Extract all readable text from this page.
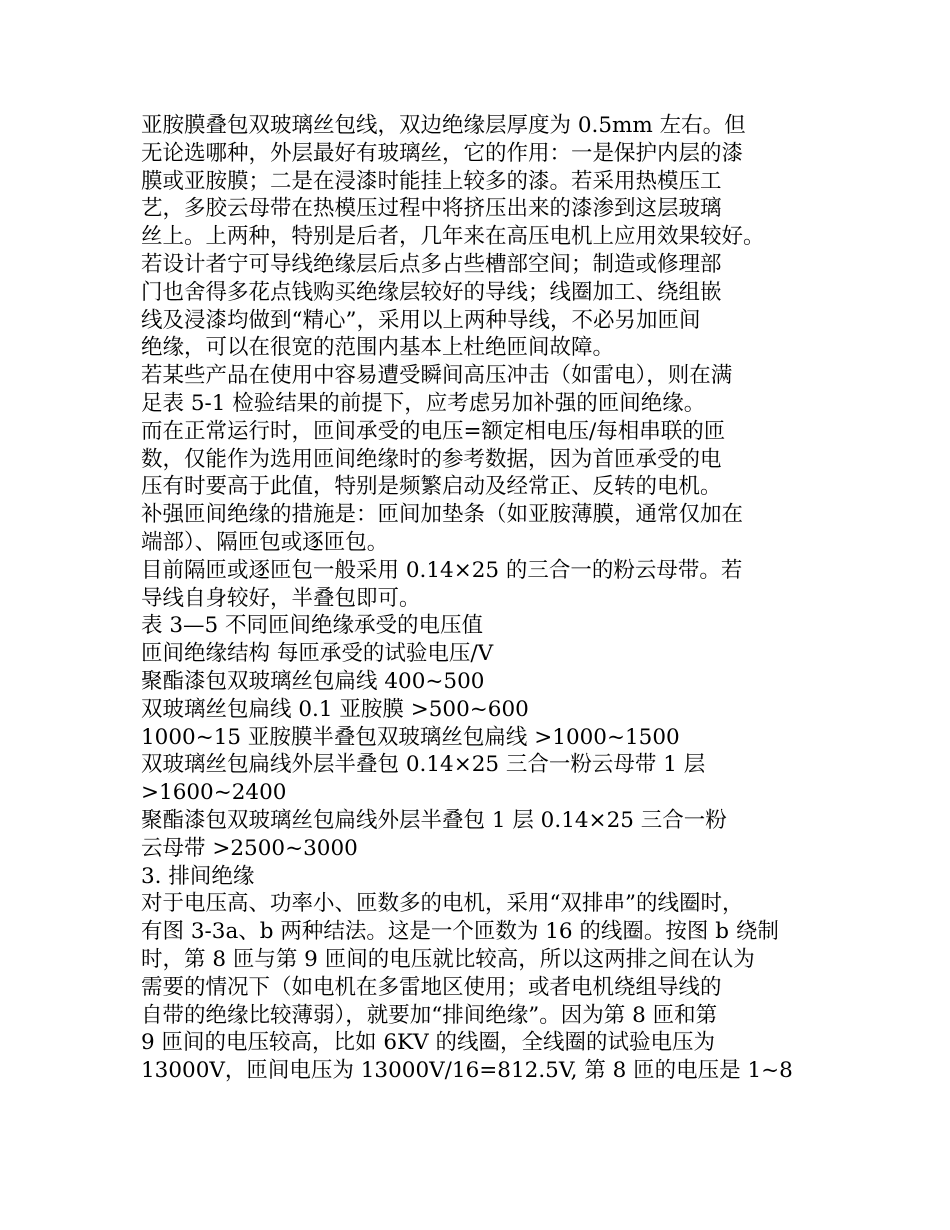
亚胺膜叠包双玻璃丝包线，双边绝缘层厚度为 0.5mm 左右。但
无论选哪种，外层最好有玻璃丝，它的作用：一是保护内层的漆
膜或亚胺膜；二是在浸漆时能挂上较多的漆。若采用热模压工
艺，多胶云母带在热模压过程中将挤压出来的漆渗到这层玻璃
丝上。上两种，特别是后者，几年来在高压电机上应用效果较好。
若设计者宁可导线绝缘层后点多占些槽部空间；制造或修理部
门也舍得多花点钱购买绝缘层较好的导线；线圈加工、绕组嵌
线及浸漆均做到“精心”，采用以上两种导线，不必另加匝间
绝缘，可以在很宽的范围内基本上杜绝匝间故障。
若某些产品在使用中容易遭受瞬间高压冲击（如雷电），则在满
足表 5-1 检验结果的前提下，应考虑另加补强的匝间绝缘。
而在正常运行时，匝间承受的电压=额定相电压/每相串联的匝
数，仅能作为选用匝间绝缘时的参考数据，因为首匝承受的电
压有时要高于此值，特别是频繁启动及经常正、反转的电机。
补强匝间绝缘的措施是：匝间加垫条（如亚胺薄膜，通常仅加在
端部）、隔匝包或逐匝包。
目前隔匝或逐匝包一般采用 0.14×25 的三合一的粉云母带。若
导线自身较好，半叠包即可。
表 3—5 不同匝间绝缘承受的电压值
匝间绝缘结构 每匝承受的试验电压/V
聚酯漆包双玻璃丝包扁线 400~500
双玻璃丝包扁线 0.1 亚胺膜 >500~600
1000~15 亚胺膜半叠包双玻璃丝包扁线 >1000~1500
双玻璃丝包扁线外层半叠包 0.14×25 三合一粉云母带 1 层
>1600~2400
聚酯漆包双玻璃丝包扁线外层半叠包 1 层 0.14×25 三合一粉
云母带 >2500~3000
3. 排间绝缘
对于电压高、功率小、匝数多的电机，采用“双排串”的线圈时，
有图 3-3a、b 两种结法。这是一个匝数为 16 的线圈。按图 b 绕制
时，第 8 匝与第 9 匝间的电压就比较高，所以这两排之间在认为
需要的情况下（如电机在多雷地区使用；或者电机绕组导线的
自带的绝缘比较薄弱），就要加“排间绝缘”。因为第 8 匝和第
9 匝间的电压较高，比如 6KV 的线圈，全线圈的试验电压为
13000V，匝间电压为 13000V/16=812.5V, 第 8 匝的电压是 1~8
